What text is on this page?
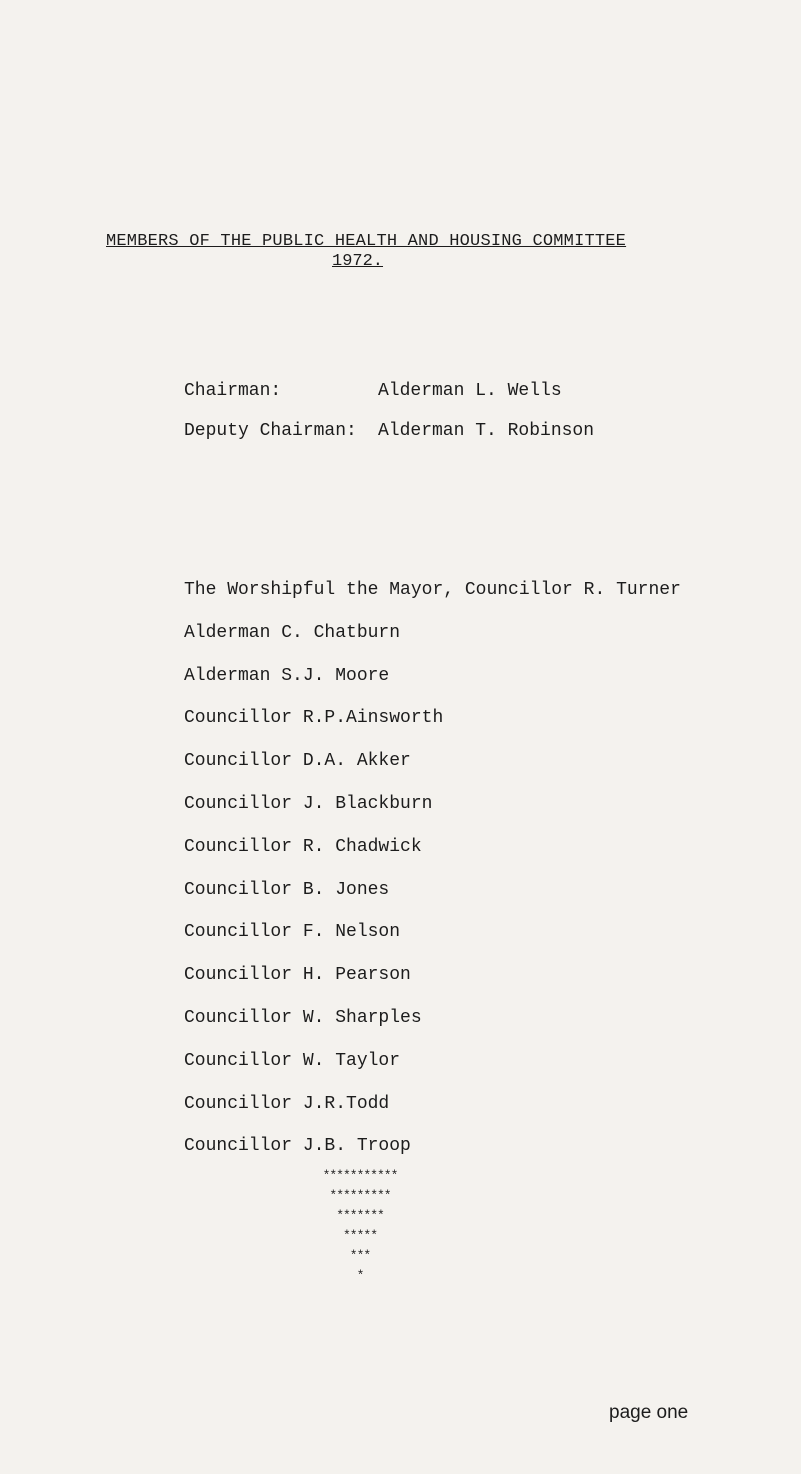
MEMBERS OF THE PUBLIC HEALTH AND HOUSING COMMITTEE
1972.
Chairman:	Alderman L. Wells
Deputy Chairman: Alderman T. Robinson
The Worshipful the Mayor, Councillor R. Turner
Alderman C. Chatburn
Alderman S.J. Moore
Councillor R.P.Ainsworth
Councillor D.A. Akker
Councillor J. Blackburn
Councillor R. Chadwick
Councillor B. Jones
Councillor F. Nelson
Councillor H. Pearson
Councillor W. Sharples
Councillor W. Taylor
Councillor J.R.Todd
Councillor J.B. Troop
***********
*********
*******
*****
***
*
page one
